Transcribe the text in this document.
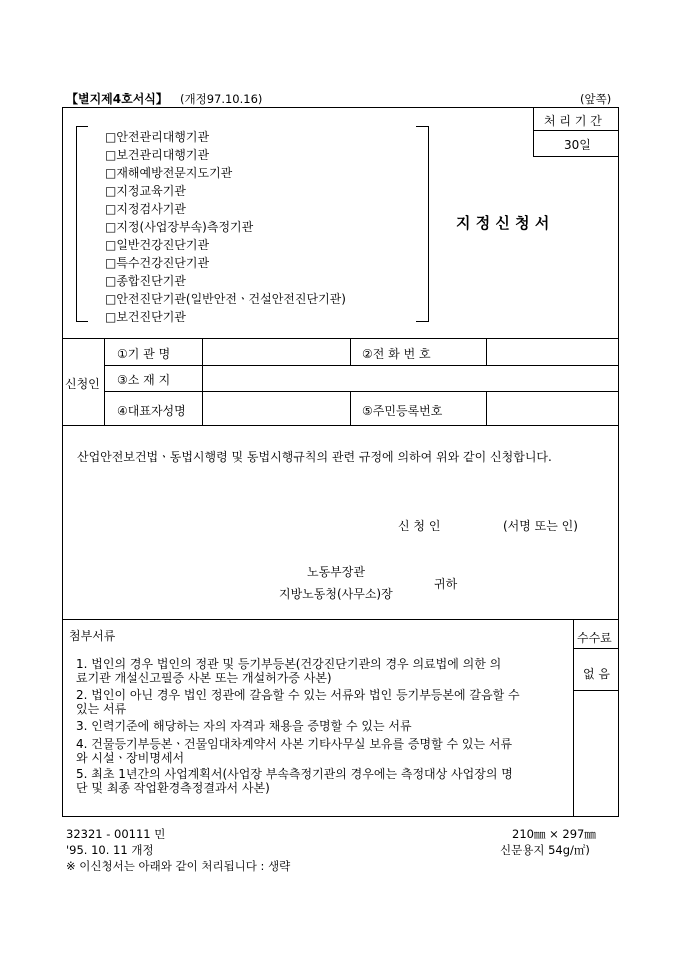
【별지제4호서식】 (개정97.10.16)	(앞쪽)
□안전관리대행기관
□보건관리대행기관
□재해예방전문지도기관
□지정교육기관
□지정검사기관
□지정(사업장부속)측정기관
□일반건강진단기관
□특수건강진단기관
□종합진단기관
□안전진단기관(일반안전ㆍ건설안전진단기관)
□보건진단기관
처 리 기 간
30일
지 정 신 청 서
신청인
①기 관 명	②전 화 번 호
③소 재 지
④대표자성명	⑤주민등록번호
산업안전보건법ㆍ동법시행령 및 동법시행규칙의 관련 규정에 의하여 위와 같이 신청합니다.
신 청 인	(서명 또는 인)
노동부장관
지방노동청(사무소)장
귀하
첨부서류	수수료
없 음
1. 법인의 경우 법인의 정관 및 등기부등본(건강진단기관의 경우 의료법에 의한 의
료기관 개설신고필증 사본 또는 개설허가증 사본)
2. 법인이 아닌 경우 법인 정관에 갈음할 수 있는 서류와 법인 등기부등본에 갈음할 수
있는 서류
3. 인력기준에 해당하는 자의 자격과 채용을 증명할 수 있는 서류
4. 건물등기부등본ㆍ건물임대차계약서 사본 기타사무실 보유를 증명할 수 있는 서류
와 시설ㆍ장비명세서
5. 최초 1년간의 사업계획서(사업장 부속측정기관의 경우에는 측정대상 사업장의 명
단 및 최종 작업환경측정결과서 사본)
32321 - 00111 민
'95. 10. 11 개정
※ 이신청서는 아래와 같이 처리됩니다 : 생략
210㎜ × 297㎜
신문용지 54g/㎡)
